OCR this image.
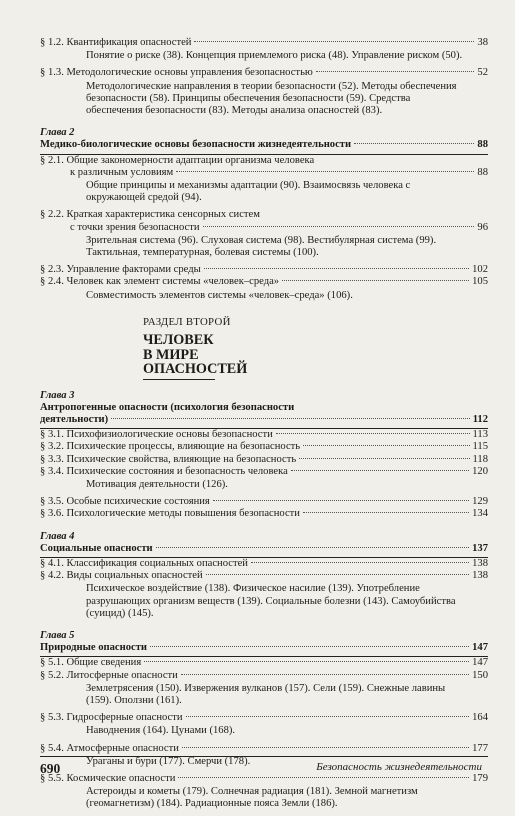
§ 1.2. Квантификация опасностей	38
Понятие о риске (38). Концепция приемлемого риска (48). Управление риском (50).
§ 1.3. Методологические основы управления безопасностью	52
Методологические направления в теории безопасности (52). Методы обеспечения безопасности (58). Принципы обеспечения безопасности (59). Средства обеспечения безопасности (83). Методы анализа опасностей (83).
Глава 2
Медико-биологические основы безопасности жизнедеятельности	88
§ 2.1. Общие закономерности адаптации организма человека
к различным условиям	88
Общие принципы и механизмы адаптации (90). Взаимосвязь человека с окружающей средой (94).
§ 2.2. Краткая характеристика сенсорных систем
с точки зрения безопасности	96
Зрительная система (96). Слуховая система (98). Вестибулярная система (99). Тактильная, температурная, болевая системы (100).
§ 2.3. Управление факторами среды	102
§ 2.4. Человек как элемент системы «человек–среда»	105
Совместимость элементов системы «человек–среда» (106).
РАЗДЕЛ ВТОРОЙ
ЧЕЛОВЕК
В МИРЕ
ОПАСНОСТЕЙ
Глава 3
Антропогенные опасности (психология безопасности
деятельности)	112
§ 3.1. Психофизиологические основы безопасности	113
§ 3.2. Психические процессы, влияющие на безопасность	115
§ 3.3. Психические свойства, влияющие на безопасность	118
§ 3.4. Психические состояния и безопасность человека	120
Мотивация деятельности (126).
§ 3.5. Особые психические состояния	129
§ 3.6. Психологические методы повышения безопасности	134
Глава 4
Социальные опасности	137
§ 4.1. Классификация социальных опасностей	138
§ 4.2. Виды социальных опасностей	138
Психическое воздействие (138). Физическое насилие (139). Употребление разрушающих организм веществ (139). Социальные болезни (143). Самоубийства (суицид) (145).
Глава 5
Природные опасности	147
§ 5.1. Общие сведения	147
§ 5.2. Литосферные опасности	150
Землетрясения (150). Извержения вулканов (157). Сели (159). Снежные лавины (159). Оползни (161).
§ 5.3. Гидросферные опасности	164
Наводнения (164). Цунами (168).
§ 5.4. Атмосферные опасности	177
Ураганы и бури (177). Смерчи (178).
§ 5.5. Космические опасности	179
Астероиды и кометы (179). Солнечная радиация (181). Земной магнетизм (геомагнетизм) (184). Радиационные пояса Земли (186).
690	Безопасность жизнедеятельности
